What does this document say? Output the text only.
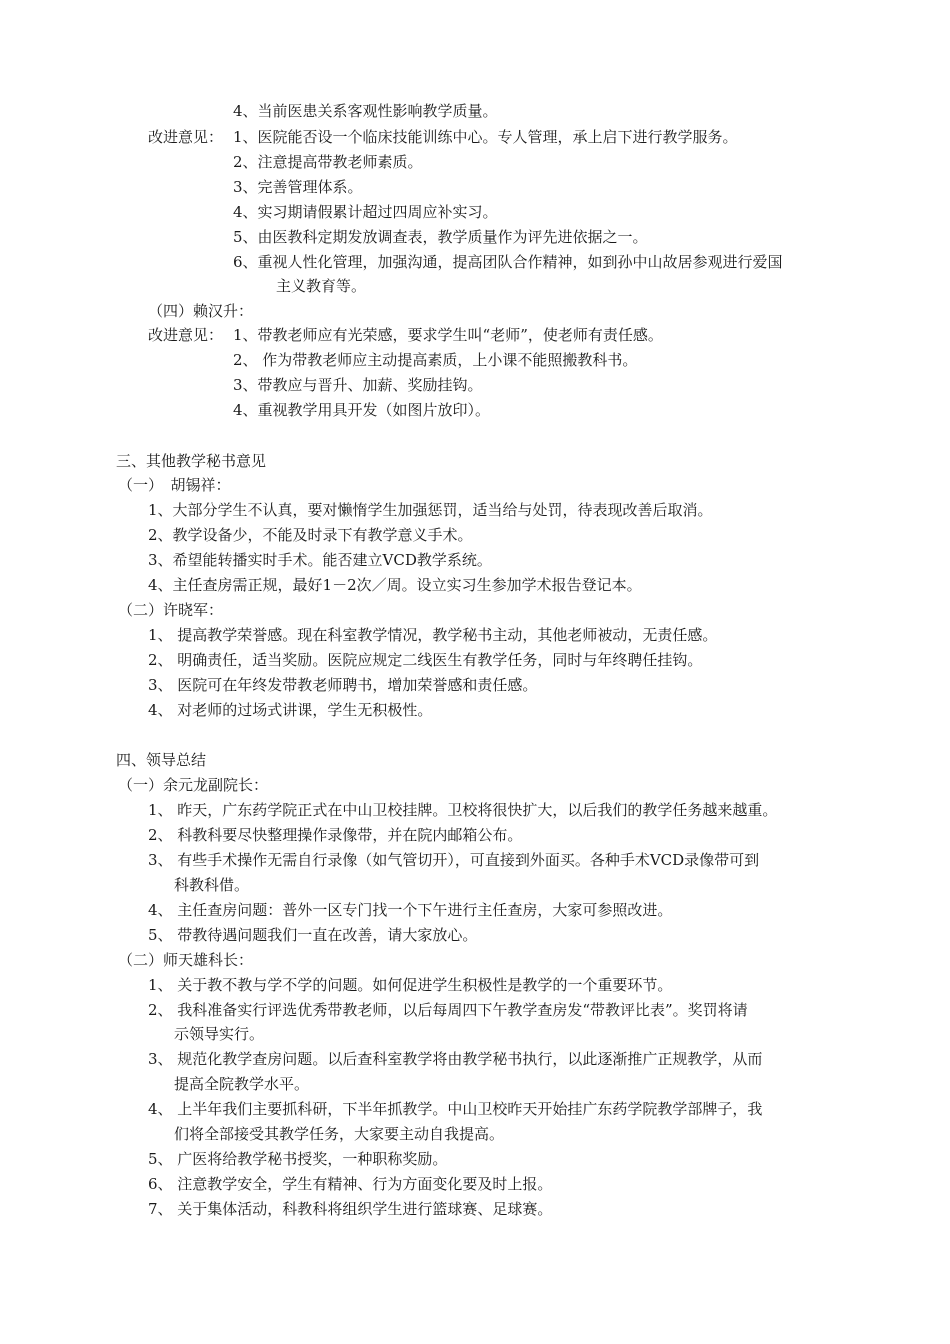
4、当前医患关系客观性影响教学质量。
改进意见： 1、医院能否设一个临床技能训练中心。专人管理，承上启下进行教学服务。
2、注意提高带教老师素质。
3、完善管理体系。
4、实习期请假累计超过四周应补实习。
5、由医教科定期发放调查表，教学质量作为评先进依据之一。
6、重视人性化管理，加强沟通，提高团队合作精神，如到孙中山故居参观进行爱国
主义教育等。
（四）赖汉升：
改进意见： 1、带教老师应有光荣感，要求学生叫“老师”，使老师有责任感。
2、 作为带教老师应主动提高素质，上小课不能照搬教科书。
3、带教应与晋升、加薪、奖励挂钩。
4、重视教学用具开发（如图片放印）。
三、其他教学秘书意见
（一）　胡锡祥：
1、大部分学生不认真，要对懒惰学生加强惩罚，适当给与处罚，待表现改善后取消。
2、教学设备少，不能及时录下有教学意义手术。
3、希望能转播实时手术。能否建立VCD教学系统。
4、主任查房需正规，最好1－2次／周。设立实习生参加学术报告登记本。
（二）许晓军：
1、 提高教学荣誉感。现在科室教学情况，教学秘书主动，其他老师被动，无责任感。
2、 明确责任，适当奖励。医院应规定二线医生有教学任务，同时与年终聘任挂钩。
3、 医院可在年终发带教老师聘书，增加荣誉感和责任感。
4、 对老师的过场式讲课，学生无积极性。
四、领导总结
（一）余元龙副院长：
1、 昨天，广东药学院正式在中山卫校挂牌。卫校将很快扩大，以后我们的教学任务越来越重。
2、 科教科要尽快整理操作录像带，并在院内邮箱公布。
3、 有些手术操作无需自行录像（如气管切开），可直接到外面买。各种手术VCD录像带可到
科教科借。
4、 主任查房问题：普外一区专门找一个下午进行主任查房，大家可参照改进。
5、 带教待遇问题我们一直在改善，请大家放心。
（二）师天雄科长：
1、 关于教不教与学不学的问题。如何促进学生积极性是教学的一个重要环节。
2、 我科准备实行评选优秀带教老师，以后每周四下午教学查房发“带教评比表”。奖罚将请
示领导实行。
3、 规范化教学查房问题。以后查科室教学将由教学秘书执行，以此逐渐推广正规教学，从而
提高全院教学水平。
4、 上半年我们主要抓科研，下半年抓教学。中山卫校昨天开始挂广东药学院教学部牌子，我
们将全部接受其教学任务，大家要主动自我提高。
5、 广医将给教学秘书授奖，一种职称奖励。
6、 注意教学安全，学生有精神、行为方面变化要及时上报。
7、 关于集体活动，科教科将组织学生进行篮球赛、足球赛。
